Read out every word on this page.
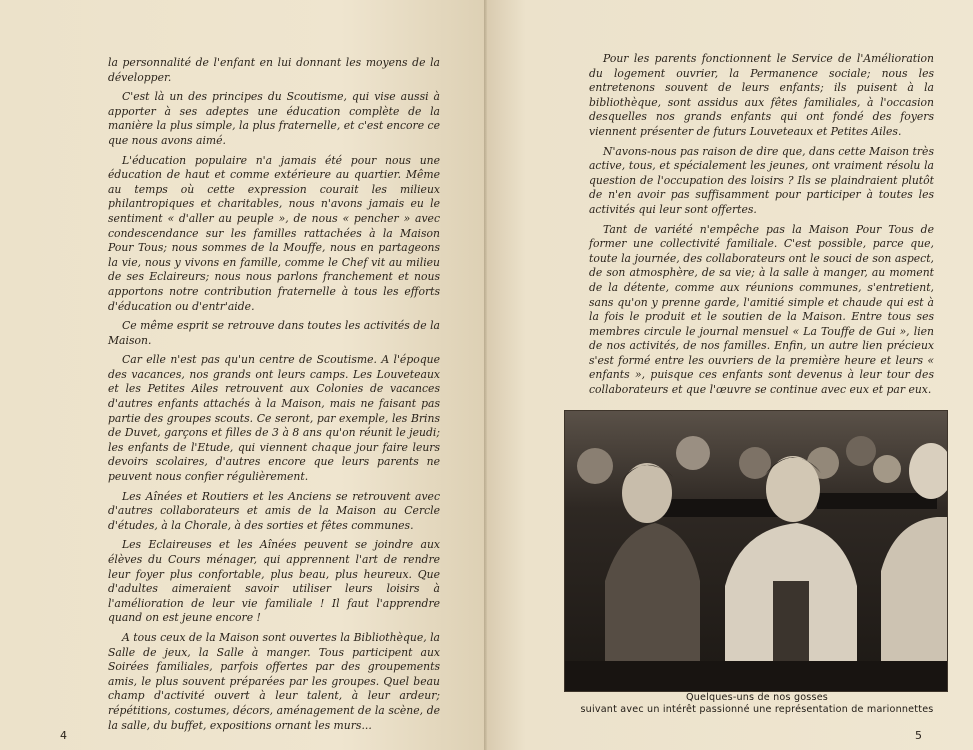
la personnalité de l'enfant en lui donnant les moyens de la développer.

C'est là un des principes du Scoutisme, qui vise aussi à apporter à ses adeptes une éducation complète de la manière la plus simple, la plus fraternelle, et c'est encore ce que nous avons aimé.

L'éducation populaire n'a jamais été pour nous une éducation de haut et comme extérieure au quartier. Même au temps où cette expression courait les milieux philantropiques et charitables, nous n'avons jamais eu le sentiment « d'aller au peuple », de nous « pencher » avec condescendance sur les familles rattachées à la Maison Pour Tous; nous sommes de la Mouffe, nous en partageons la vie, nous y vivons en famille, comme le Chef vit au milieu de ses Eclaireurs; nous nous parlons franchement et nous apportons notre contribution fraternelle à tous les efforts d'éducation ou d'entr'aide.

Ce même esprit se retrouve dans toutes les activités de la Maison.

Car elle n'est pas qu'un centre de Scoutisme. A l'époque des vacances, nos grands ont leurs camps. Les Louveteaux et les Petites Ailes retrouvent aux Colonies de vacances d'autres enfants attachés à la Maison, mais ne faisant pas partie des groupes scouts. Ce seront, par exemple, les Brins de Duvet, garçons et filles de 3 à 8 ans qu'on réunit le jeudi; les enfants de l'Etude, qui viennent chaque jour faire leurs devoirs scolaires, d'autres encore que leurs parents ne peuvent nous confier régulièrement.

Les Aînées et Routiers et les Anciens se retrouvent avec d'autres collaborateurs et amis de la Maison au Cercle d'études, à la Chorale, à des sorties et fêtes communes.

Les Eclaireuses et les Aînées peuvent se joindre aux élèves du Cours ménager, qui apprennent l'art de rendre leur foyer plus confortable, plus beau, plus heureux. Que d'adultes aimeraient savoir utiliser leurs loisirs à l'amélioration de leur vie familiale ! Il faut l'apprendre quand on est jeune encore !

A tous ceux de la Maison sont ouvertes la Bibliothèque, la Salle de jeux, la Salle à manger. Tous participent aux Soirées familiales, parfois offertes par des groupements amis, le plus souvent préparées par les groupes. Quel beau champ d'activité ouvert à leur talent, à leur ardeur; répétitions, costumes, décors, aménagement de la scène, de la salle, du buffet, expositions ornant les murs...

4

Pour les parents fonctionnent le Service de l'Amélioration du logement ouvrier, la Permanence sociale; nous les entretenons souvent de leurs enfants; ils puisent à la bibliothèque, sont assidus aux fêtes familiales, à l'occasion desquelles nos grands enfants qui ont fondé des foyers viennent présenter de futurs Louveteaux et Petites Ailes.

N'avons-nous pas raison de dire que, dans cette Maison très active, tous, et spécialement les jeunes, ont vraiment résolu la question de l'occupation des loisirs ? Ils se plaindraient plutôt de n'en avoir pas suffisamment pour participer à toutes les activités qui leur sont offertes.

Tant de variété n'empêche pas la Maison Pour Tous de former une collectivité familiale. C'est possible, parce que, toute la journée, des collaborateurs ont le souci de son aspect, de son atmosphère, de sa vie; à la salle à manger, au moment de la détente, comme aux réunions communes, s'entretient, sans qu'on y prenne garde, l'amitié simple et chaude qui est à la fois le produit et le soutien de la Maison. Entre tous ses membres circule le journal mensuel « La Touffe de Gui », lien de nos activités, de nos familles. Enfin, un autre lien précieux s'est formé entre les ouvriers de la première heure et leurs « enfants », puisque ces enfants sont devenus à leur tour des collaborateurs et que l'œuvre se continue avec eux et par eux.

Quelques-uns de nos gosses
suivant avec un intérêt passionné une représentation de marionnettes
5
